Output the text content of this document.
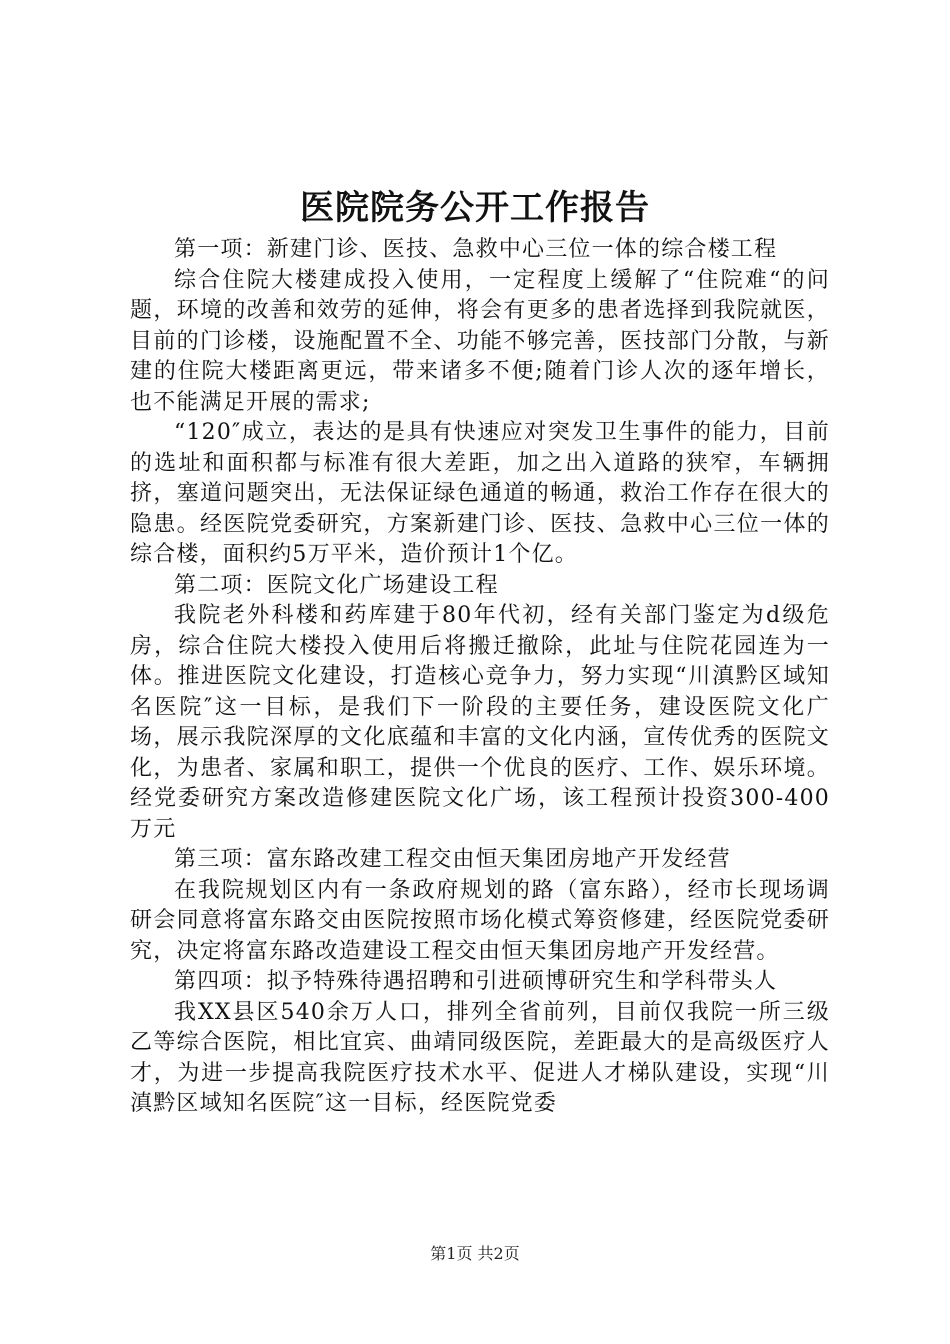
医院院务公开工作报告

第一项：新建门诊、医技、急救中心三位一体的综合楼工程

综合住院大楼建成投入使用，一定程度上缓解了“住院难“的问题，环境的改善和效劳的延伸，将会有更多的患者选择到我院就医，目前的门诊楼，设施配置不全、功能不够完善，医技部门分散，与新建的住院大楼距离更远，带来诸多不便;随着门诊人次的逐年增长，也不能满足开展的需求;

“120″成立，表达的是具有快速应对突发卫生事件的能力，目前的选址和面积都与标准有很大差距，加之出入道路的狭窄，车辆拥挤，塞道问题突出，无法保证绿色通道的畅通，救治工作存在很大的隐患。经医院党委研究，方案新建门诊、医技、急救中心三位一体的综合楼，面积约5万平米，造价预计1个亿。

第二项：医院文化广场建设工程

我院老外科楼和药库建于80年代初，经有关部门鉴定为d级危房，综合住院大楼投入使用后将搬迁撤除，此址与住院花园连为一体。推进医院文化建设，打造核心竞争力，努力实现“川滇黔区域知名医院″这一目标，是我们下一阶段的主要任务，建设医院文化广场，展示我院深厚的文化底蕴和丰富的文化内涵，宣传优秀的医院文化，为患者、家属和职工，提供一个优良的医疗、工作、娱乐环境。经党委研究方案改造修建医院文化广场，该工程预计投资300-400万元

第三项：富东路改建工程交由恒天集团房地产开发经营

在我院规划区内有一条政府规划的路（富东路），经市长现场调研会同意将富东路交由医院按照市场化模式筹资修建，经医院党委研究，决定将富东路改造建设工程交由恒天集团房地产开发经营。

第四项：拟予特殊待遇招聘和引进硕博研究生和学科带头人

我XX县区540余万人口，排列全省前列，目前仅我院一所三级乙等综合医院，相比宜宾、曲靖同级医院，差距最大的是高级医疗人才，为进一步提高我院医疗技术水平、促进人才梯队建设，实现“川滇黔区域知名医院″这一目标，经医院党委

第1页 共2页
